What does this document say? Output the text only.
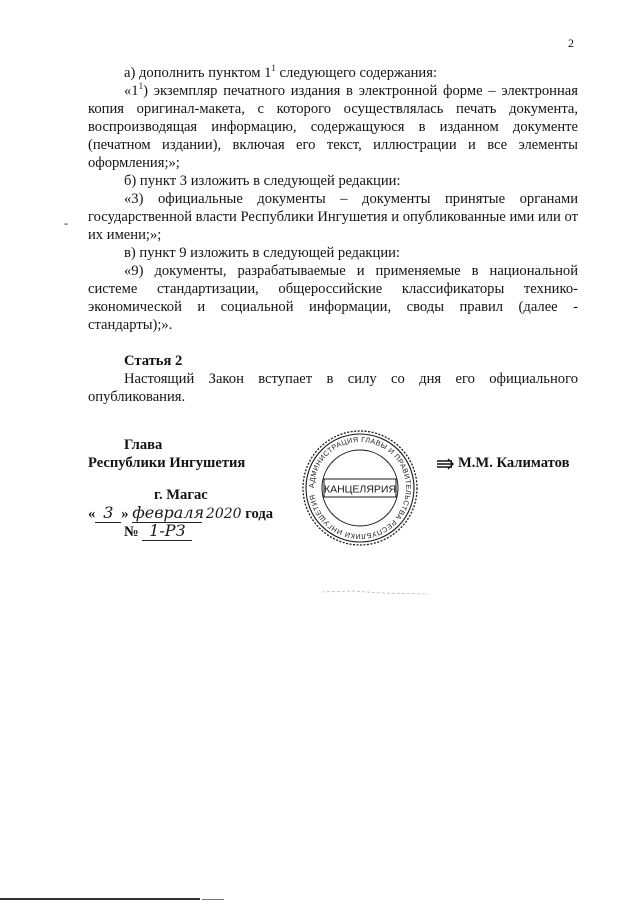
2
-

а) дополнить пунктом $1^1$ следующего содержания:

«$1^1$) экземпляр печатного издания в электронной форме – электронная копия оригинал-макета, с которого осуществлялась печать документа, воспроизводящая информацию, содержащуюся в изданном документе (печатном издании), включая его текст, иллюстрации и все элементы оформления;»;

б) пункт 3 изложить в следующей редакции:

«3) официальные документы – документы принятые органами государственной власти Республики Ингушетия и опубликованные ими или от их имени;»;

в) пункт 9 изложить в следующей редакции:

«9) документы, разрабатываемые и применяемые в национальной системе стандартизации, общероссийские классификаторы технико-экономической и социальной информации, своды правил (далее - стандарты);».

Статья 2

Настоящий Закон вступает в силу со дня его официального опубликования.

Глава
Республики Ингушетия	М.М. Калиматов
г. Магас
« 3 » февраля 2020 года
№ 1-РЗ
АДМИНИСТРАЦИЯ ГЛАВЫ И ПРАВИТЕЛЬСТВА РЕСПУБЛИКИ ИНГУШЕТИЯ
КАНЦЕЛЯРИЯ
